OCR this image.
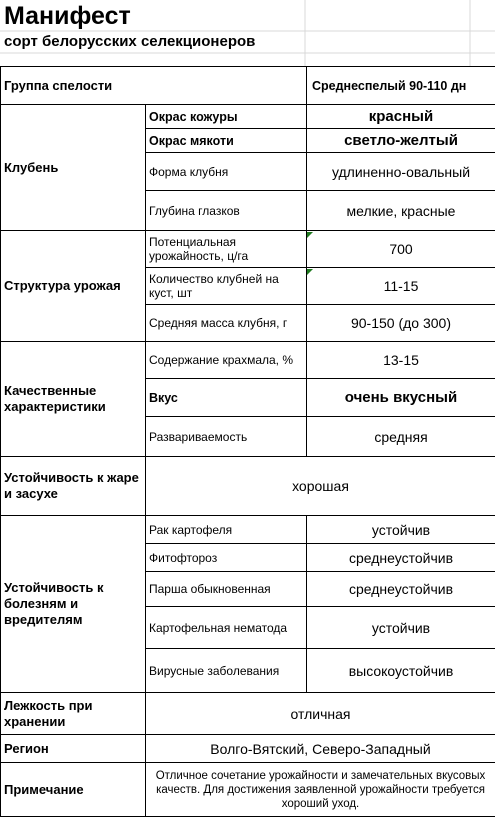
Манифест
сорт белорусских селекционеров
Группа спелости		Среднеспелый 90-110 дн
Клубень	Окрас кожуры	красный
	Окрас мякоти	светло-желтый
	Форма клубня	удлиненно-овальный
	Глубина глазков	мелкие, красные
Структура урожая	Потенциальная урожайность, ц/га	700
	Количество клубней на куст, шт	11-15
	Средняя масса клубня, г	90-150 (до 300)
Качественные характеристики	Содержание крахмала, %	13-15
	Вкус	очень вкусный
	Развариваемость	средняя
Устойчивость к жаре и засухе	хорошая	
Устойчивость к болезням и вредителям	Рак картофеля	устойчив
	Фитофтороз	среднеустойчив
	Парша обыкновенная	среднеустойчив
	Картофельная нематода	устойчив
	Вирусные заболевания	высокоустойчив
Лежкость при хранении	отличная	
Регион	Волго-Вятский, Северо-Западный	
Примечание	Отличное сочетание урожайности и замечательных вкусовых качеств. Для достижения заявленной урожайности требуется хороший уход.	
